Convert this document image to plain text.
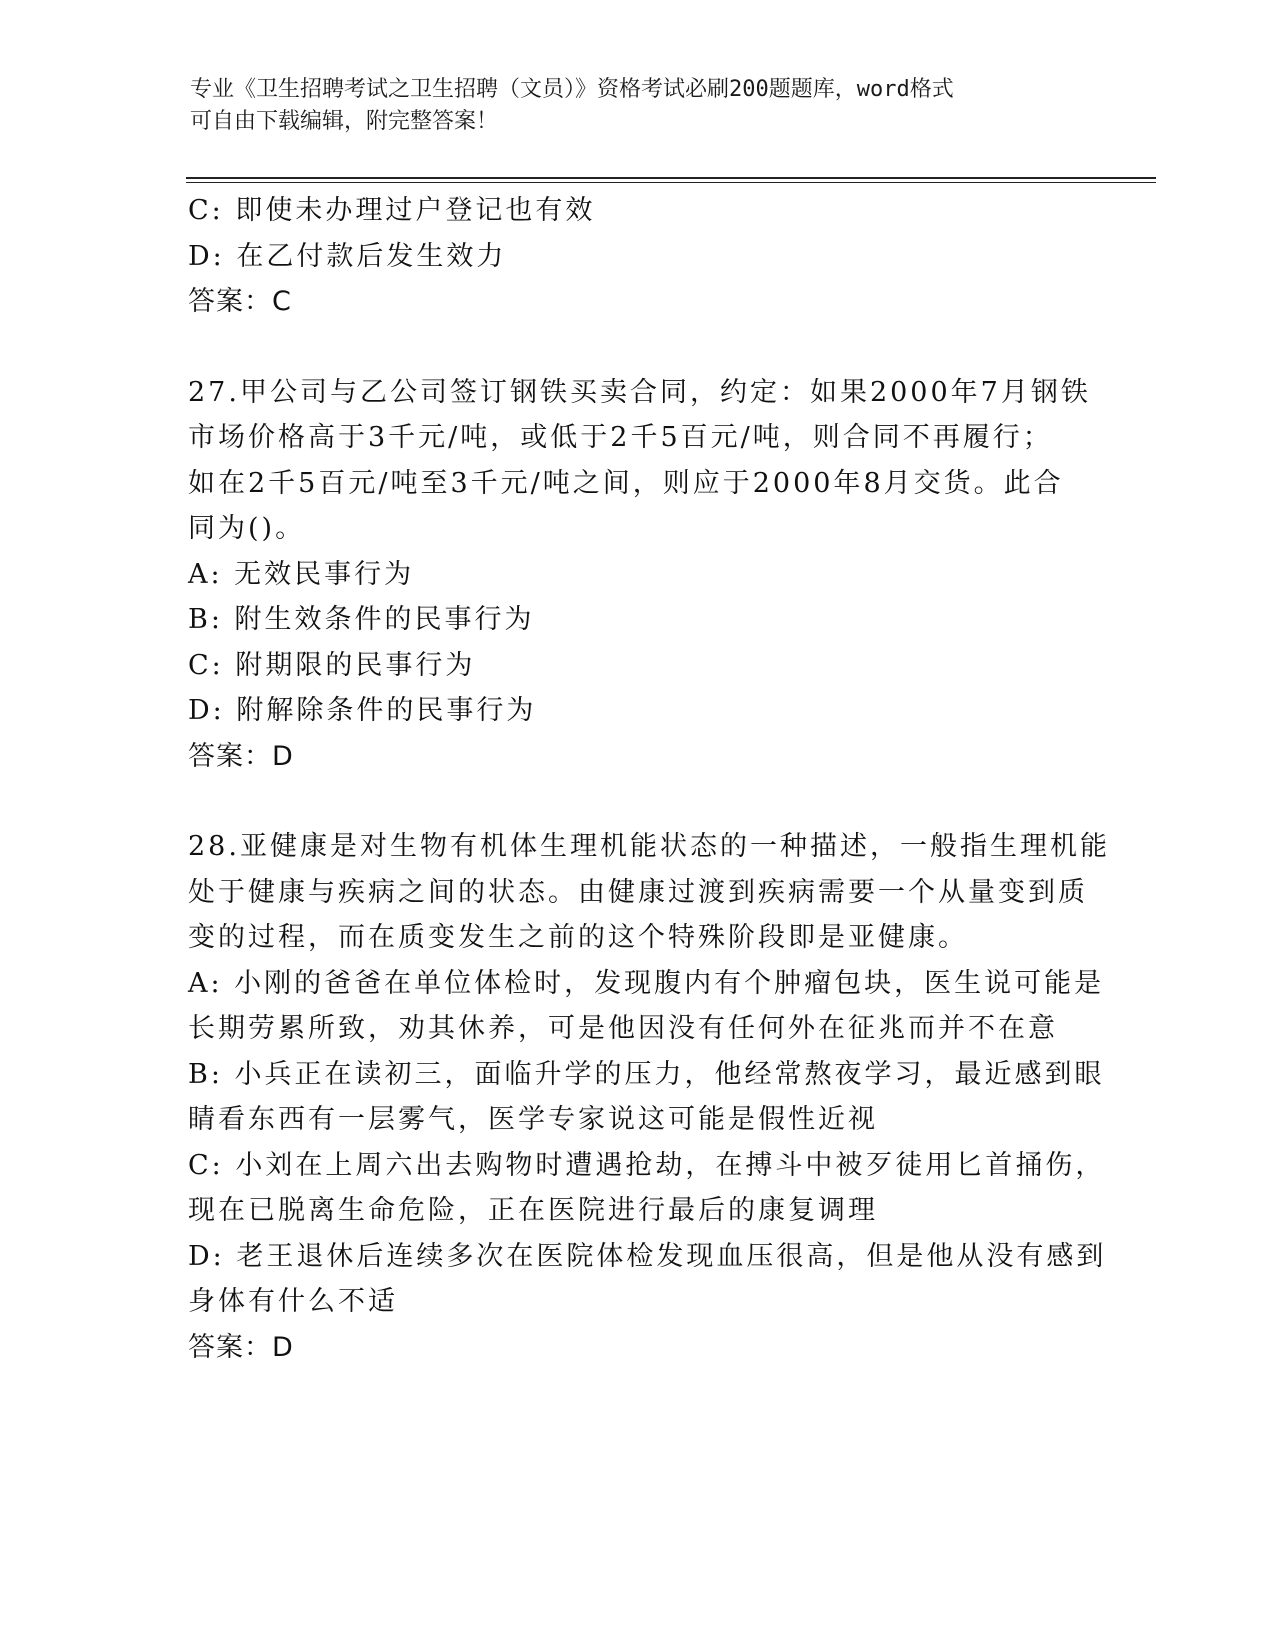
专业《卫生招聘考试之卫生招聘（文员）》资格考试必刷200题题库，word格式
可自由下载编辑，附完整答案！
C: 即使未办理过户登记也有效
D: 在乙付款后发生效力
答案：C
27.甲公司与乙公司签订钢铁买卖合同，约定：如果2000年7月钢铁
市场价格高于3千元/吨，或低于2千5百元/吨，则合同不再履行；
如在2千5百元/吨至3千元/吨之间，则应于2000年8月交货。此合
同为()。
A: 无效民事行为
B: 附生效条件的民事行为
C: 附期限的民事行为
D: 附解除条件的民事行为
答案：D
28.亚健康是对生物有机体生理机能状态的一种描述，一般指生理机能
处于健康与疾病之间的状态。由健康过渡到疾病需要一个从量变到质
变的过程，而在质变发生之前的这个特殊阶段即是亚健康。
A: 小刚的爸爸在单位体检时，发现腹内有个肿瘤包块，医生说可能是
长期劳累所致，劝其休养，可是他因没有任何外在征兆而并不在意
B: 小兵正在读初三，面临升学的压力，他经常熬夜学习，最近感到眼
睛看东西有一层雾气，医学专家说这可能是假性近视
C: 小刘在上周六出去购物时遭遇抢劫，在搏斗中被歹徒用匕首捅伤，
现在已脱离生命危险，正在医院进行最后的康复调理
D: 老王退休后连续多次在医院体检发现血压很高，但是他从没有感到
身体有什么不适
答案：D
